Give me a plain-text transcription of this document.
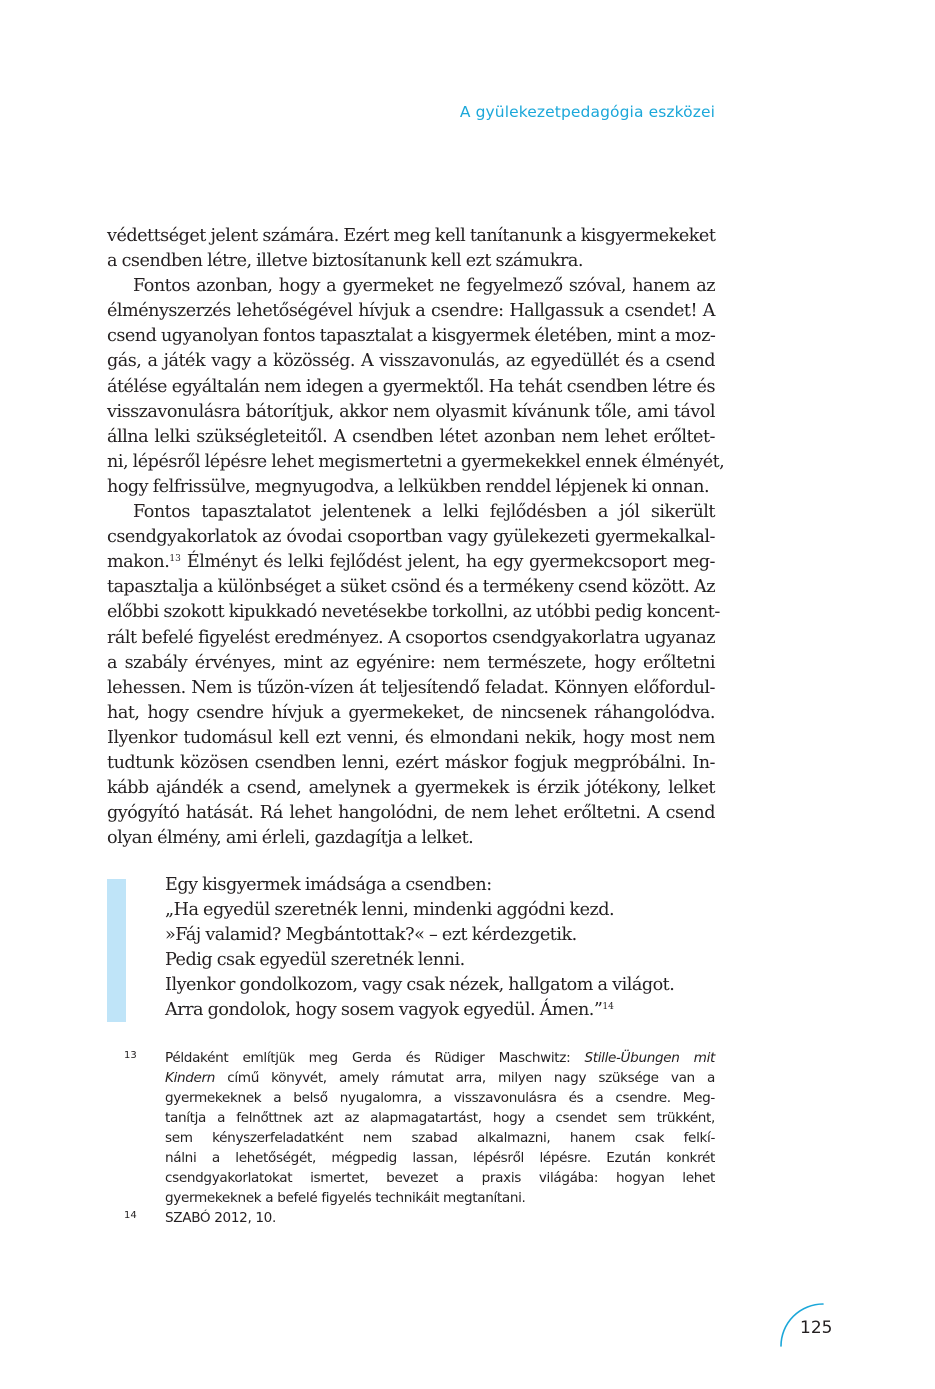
A gyülekezetpedagógia eszközei
védettséget jelent számára. Ezért meg kell tanítanunk a kisgyermekeket
a csendben létre, illetve biztosítanunk kell ezt számukra.
Fontos azonban, hogy a gyermeket ne fegyelmező szóval, hanem az
élményszerzés lehetőségével hívjuk a csendre: Hallgassuk a csendet! A
csend ugyanolyan fontos tapasztalat a kisgyermek életében, mint a moz-
gás, a játék vagy a közösség. A visszavonulás, az egyedüllét és a csend
átélése egyáltalán nem idegen a gyermektől. Ha tehát csendben létre és
visszavonulásra bátorítjuk, akkor nem olyasmit kívánunk tőle, ami távol
állna lelki szükségleteitől. A csendben létet azonban nem lehet erőltet-
ni, lépésről lépésre lehet megismertetni a gyermekekkel ennek élményét,
hogy felfrissülve, megnyugodva, a lelkükben renddel lépjenek ki onnan.
Fontos tapasztalatot jelentenek a lelki fejlődésben a jól sikerült
csendgyakorlatok az óvodai csoportban vagy gyülekezeti gyermekalkal-
makon.$^{13}$ Élményt és lelki fejlődést jelent, ha egy gyermekcsoport meg-
tapasztalja a különbséget a süket csönd és a termékeny csend között. Az
előbbi szokott kipukkadó nevetésekbe torkollni, az utóbbi pedig koncent-
rált befelé figyelést eredményez. A csoportos csendgyakorlatra ugyanaz
a szabály érvényes, mint az egyénire: nem természete, hogy erőltetni
lehessen. Nem is tűzön-vízen át teljesítendő feladat. Könnyen előfordul-
hat, hogy csendre hívjuk a gyermekeket, de nincsenek ráhangolódva.
Ilyenkor tudomásul kell ezt venni, és elmondani nekik, hogy most nem
tudtunk közösen csendben lenni, ezért máskor fogjuk megpróbálni. In-
kább ajándék a csend, amelynek a gyermekek is érzik jótékony, lelket
gyógyító hatását. Rá lehet hangolódni, de nem lehet erőltetni. A csend
olyan élmény, ami érleli, gazdagítja a lelket.
Egy kisgyermek imádsága a csendben:
„Ha egyedül szeretnék lenni, mindenki aggódni kezd.
»Fáj valamid? Megbántottak?« – ezt kérdezgetik.
Pedig csak egyedül szeretnék lenni.
Ilyenkor gondolkozom, vagy csak nézek, hallgatom a világot.
Arra gondolok, hogy sosem vagyok egyedül. Ámen.”$^{14}$
13 Példaként említjük meg Gerda és Rüdiger Maschwitz: Stille-Übungen mit
Kindern című könyvét, amely rámutat arra, milyen nagy szüksége van a
gyermekeknek a belső nyugalomra, a visszavonulásra és a csendre. Meg-
tanítja a felnőttnek azt az alapmagatartást, hogy a csendet sem trükként,
sem kényszerfeladatként nem szabad alkalmazni, hanem csak felkí-
nálni a lehetőségét, mégpedig lassan, lépésről lépésre. Ezután konkrét
csendgyakorlatokat ismertet, bevezet a praxis világába: hogyan lehet
gyermekeknek a befelé figyelés technikáit megtanítani.
14 SZABÓ 2012, 10.
125
